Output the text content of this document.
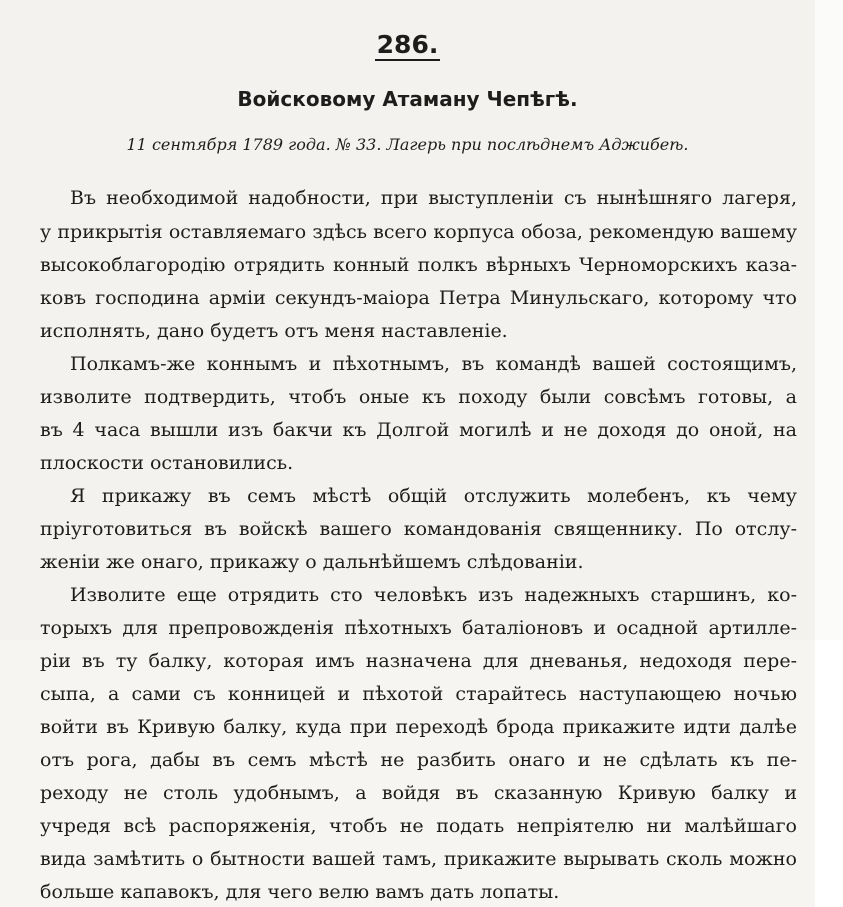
286.
Войсковому Атаману Чепѣгѣ.
11 сентября 1789 года. № 33. Лагерь при послѣднемъ Аджибеѣ.
Въ необходимой надобности, при выступленіи съ нынѣшняго лагеря,
у прикрытія оставляемаго здѣсь всего корпуса обоза, рекомендую вашему
высокоблагородію отрядить конный полкъ вѣрныхъ Черноморскихъ каза-
ковъ господина арміи секундъ-маіора Петра Минульскаго, которому что
исполнять, дано будетъ отъ меня наставленіе.
Полкамъ-же коннымъ и пѣхотнымъ, въ командѣ вашей состоящимъ,
изволите подтвердить, чтобъ оные къ походу были совсѣмъ готовы, а
въ 4 часа вышли изъ бакчи къ Долгой могилѣ и не доходя до оной, на
плоскости остановились.
Я прикажу въ семъ мѣстѣ общій отслужить молебенъ, къ чему
пріуготовиться въ войскѣ вашего командованія священнику. По отслу-
женіи же онаго, прикажу о дальнѣйшемъ слѣдованіи.
Изволите еще отрядить сто человѣкъ изъ надежныхъ старшинъ, ко-
торыхъ для препровожденія пѣхотныхъ баталіоновъ и осадной артилле-
ріи въ ту балку, которая имъ назначена для дневанья, недоходя пере-
сыпа, а сами съ конницей и пѣхотой старайтесь наступающею ночью
войти въ Кривую балку, куда при переходѣ брода прикажите идти далѣе
отъ рога, дабы въ семъ мѣстѣ не разбить онаго и не сдѣлать къ пе-
реходу не столь удобнымъ, а войдя въ сказанную Кривую балку и
учредя всѣ распоряженія, чтобъ не подать непріятелю ни малѣйшаго
вида замѣтить о бытности вашей тамъ, прикажите вырывать сколь можно
больше капавокъ, для чего велю вамъ дать лопаты.
